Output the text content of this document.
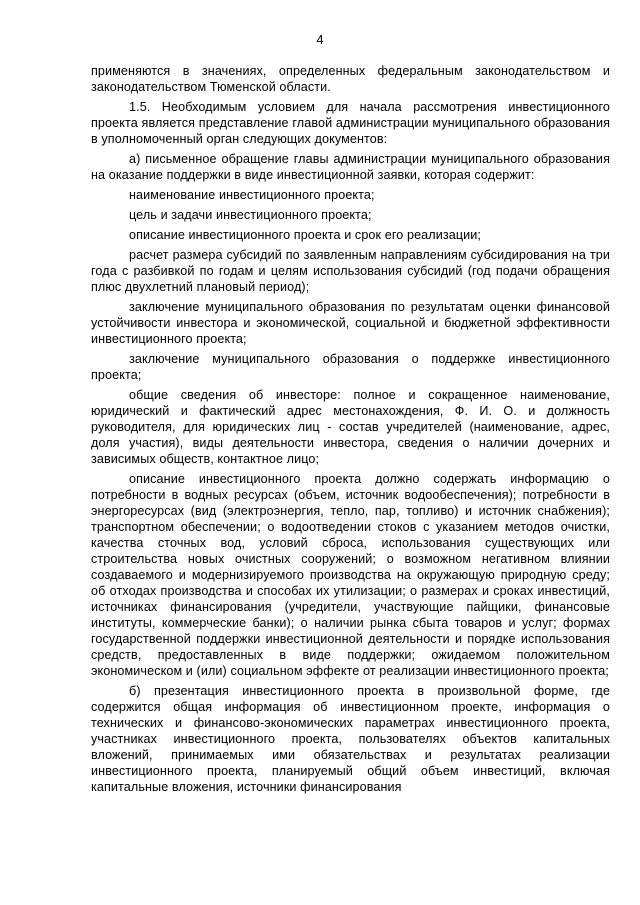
4

применяются в значениях, определенных федеральным законодательством и законодательством Тюменской области.

1.5. Необходимым условием для начала рассмотрения инвестиционного проекта является представление главой администрации муниципального образования в уполномоченный орган следующих документов:

а) письменное обращение главы администрации муниципального образования на оказание поддержки в виде инвестиционной заявки, которая содержит:

наименование инвестиционного проекта;

цель и задачи инвестиционного проекта;

описание инвестиционного проекта и срок его реализации;

расчет размера субсидий по заявленным направлениям субсидирования на три года с разбивкой по годам и целям использования субсидий (год подачи обращения плюс двухлетний плановый период);

заключение муниципального образования по результатам оценки финансовой устойчивости инвестора и экономической, социальной и бюджетной эффективности инвестиционного проекта;

заключение муниципального образования о поддержке инвестиционного проекта;

общие сведения об инвесторе: полное и сокращенное наименование, юридический и фактический адрес местонахождения, Ф. И. О. и должность руководителя, для юридических лиц - состав учредителей (наименование, адрес, доля участия), виды деятельности инвестора, сведения о наличии дочерних и зависимых обществ, контактное лицо;

описание инвестиционного проекта должно содержать информацию о потребности в водных ресурсах (объем, источник водообеспечения); потребности в энергоресурсах (вид (электроэнергия, тепло, пар, топливо) и источник снабжения); транспортном обеспечении; о водоотведении стоков с указанием методов очистки, качества сточных вод, условий сброса, использования существующих или строительства новых очистных сооружений; о возможном негативном влиянии создаваемого и модернизируемого производства на окружающую природную среду; об отходах производства и способах их утилизации; о размерах и сроках инвестиций, источниках финансирования (учредители, участвующие пайщики, финансовые институты, коммерческие банки); о наличии рынка сбыта товаров и услуг; формах государственной поддержки инвестиционной деятельности и порядке использования средств, предоставленных в виде поддержки; ожидаемом положительном экономическом и (или) социальном эффекте от реализации инвестиционного проекта;

б) презентация инвестиционного проекта в произвольной форме, где содержится общая информация об инвестиционном проекте, информация о технических и финансово-экономических параметрах инвестиционного проекта, участниках инвестиционного проекта, пользователях объектов капитальных вложений, принимаемых ими обязательствах и результатах реализации инвестиционного проекта, планируемый общий объем инвестиций, включая капитальные вложения, источники финансирования
